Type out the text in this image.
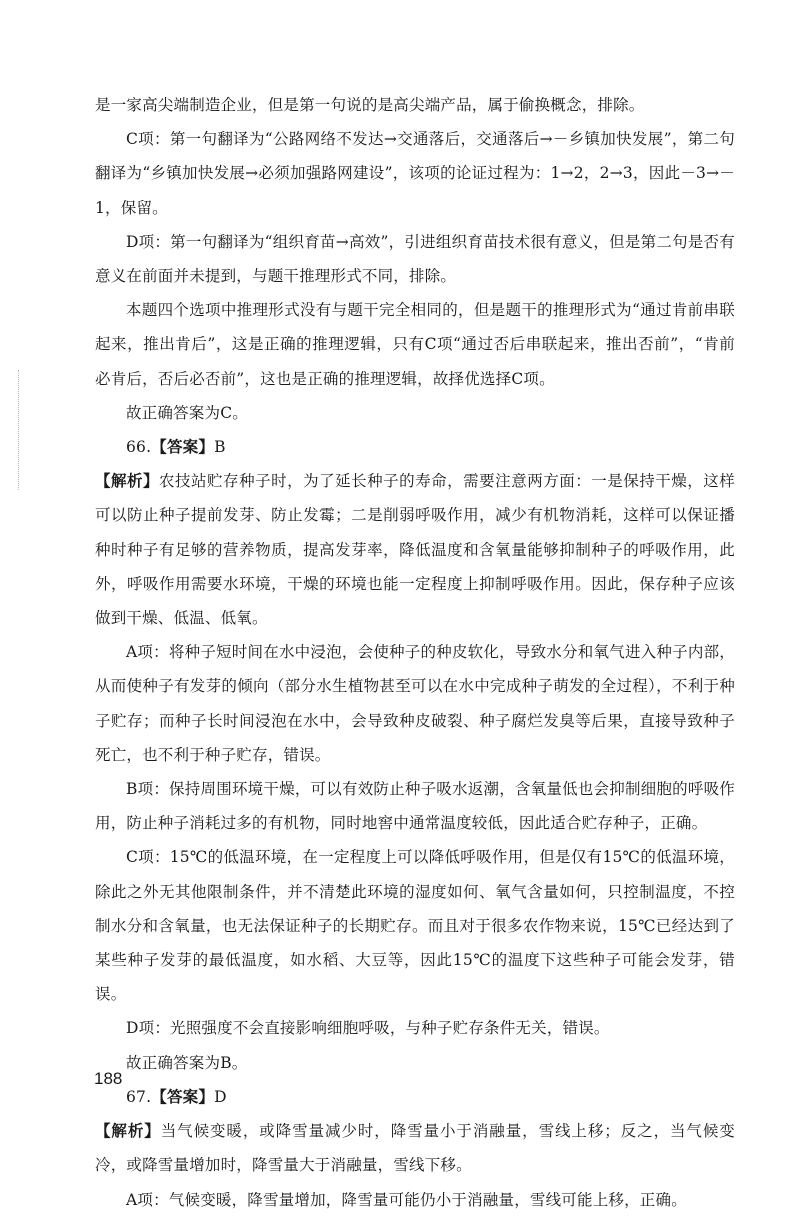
是一家高尖端制造企业，但是第一句说的是高尖端产品，属于偷换概念，排除。

C项：第一句翻译为“公路网络不发达→交通落后，交通落后→－乡镇加快发展”，第二句翻译为“乡镇加快发展→必须加强路网建设”，该项的论证过程为：1→2，2→3，因此－3→－1，保留。

D项：第一句翻译为“组织育苗→高效”，引进组织育苗技术很有意义，但是第二句是否有意义在前面并未提到，与题干推理形式不同，排除。

本题四个选项中推理形式没有与题干完全相同的，但是题干的推理形式为“通过肯前串联起来，推出肯后”，这是正确的推理逻辑，只有C项“通过否后串联起来，推出否前”，“肯前必肯后，否后必否前”，这也是正确的推理逻辑，故择优选择C项。

故正确答案为C。

66.【答案】B

【解析】农技站贮存种子时，为了延长种子的寿命，需要注意两方面：一是保持干燥，这样可以防止种子提前发芽、防止发霉；二是削弱呼吸作用，减少有机物消耗，这样可以保证播种时种子有足够的营养物质，提高发芽率，降低温度和含氧量能够抑制种子的呼吸作用，此外，呼吸作用需要水环境，干燥的环境也能一定程度上抑制呼吸作用。因此，保存种子应该做到干燥、低温、低氧。

A项：将种子短时间在水中浸泡，会使种子的种皮软化，导致水分和氧气进入种子内部，从而使种子有发芽的倾向（部分水生植物甚至可以在水中完成种子萌发的全过程），不利于种子贮存；而种子长时间浸泡在水中，会导致种皮破裂、种子腐烂发臭等后果，直接导致种子死亡，也不利于种子贮存，错误。

B项：保持周围环境干燥，可以有效防止种子吸水返潮，含氧量低也会抑制细胞的呼吸作用，防止种子消耗过多的有机物，同时地窖中通常温度较低，因此适合贮存种子，正确。

C项：15℃的低温环境，在一定程度上可以降低呼吸作用，但是仅有15℃的低温环境，除此之外无其他限制条件，并不清楚此环境的湿度如何、氧气含量如何，只控制温度，不控制水分和含氧量，也无法保证种子的长期贮存。而且对于很多农作物来说，15℃已经达到了某些种子发芽的最低温度，如水稻、大豆等，因此15℃的温度下这些种子可能会发芽，错误。

D项：光照强度不会直接影响细胞呼吸，与种子贮存条件无关，错误。

故正确答案为B。

67.【答案】D

【解析】当气候变暖，或降雪量减少时，降雪量小于消融量，雪线上移；反之，当气候变冷，或降雪量增加时，降雪量大于消融量，雪线下移。

A项：气候变暖，降雪量增加，降雪量可能仍小于消融量，雪线可能上移，正确。

188
